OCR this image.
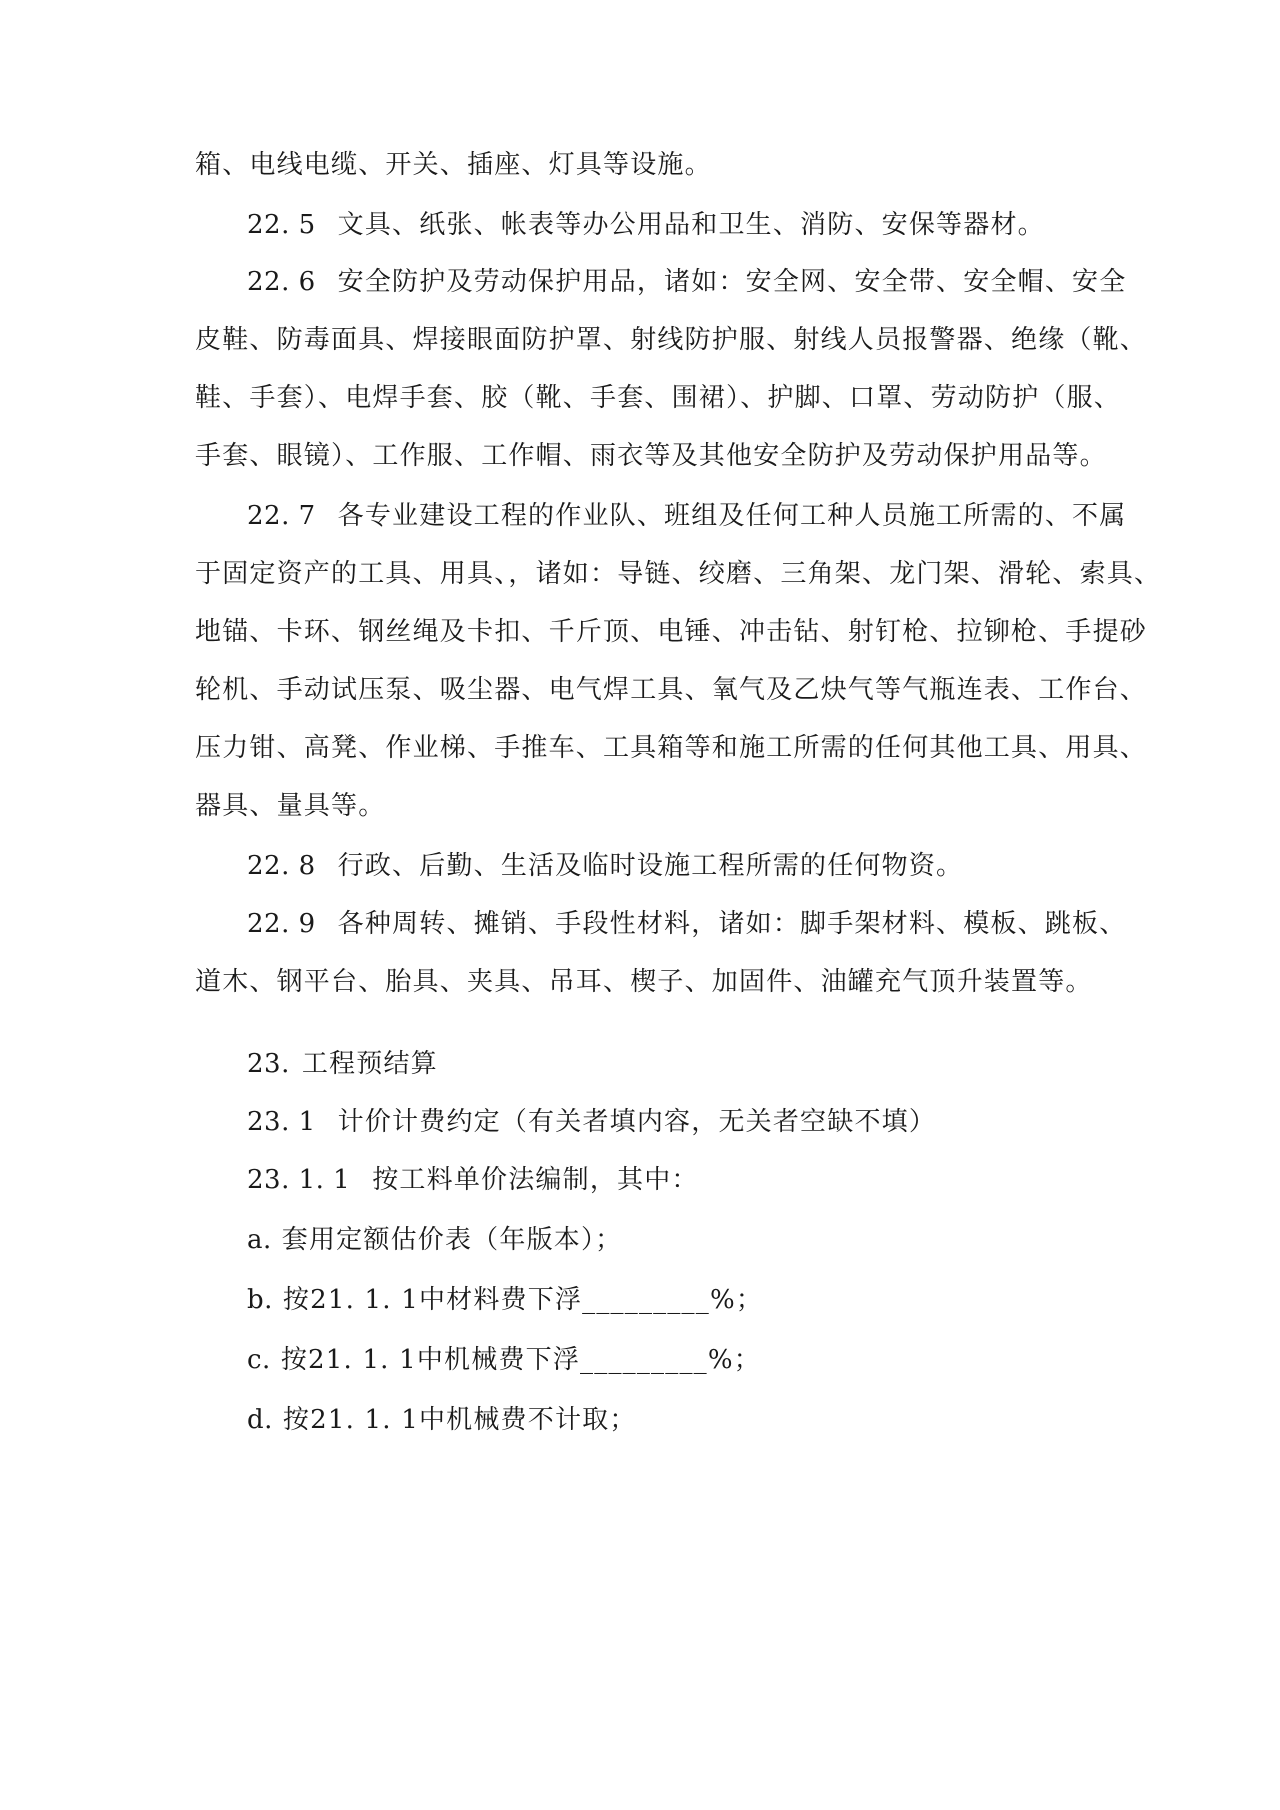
箱、电线电缆、开关、插座、灯具等设施。
22. 5 文具、纸张、帐表等办公用品和卫生、消防、安保等器材。
22. 6 安全防护及劳动保护用品，诸如：安全网、安全带、安全帽、安全
皮鞋、防毒面具、焊接眼面防护罩、射线防护服、射线人员报警器、绝缘（靴、
鞋、手套）、电焊手套、胶（靴、手套、围裙）、护脚、口罩、劳动防护（服、
手套、眼镜）、工作服、工作帽、雨衣等及其他安全防护及劳动保护用品等。
22. 7 各专业建设工程的作业队、班组及任何工种人员施工所需的、不属
于固定资产的工具、用具、，诸如：导链、绞磨、三角架、龙门架、滑轮、索具、
地锚、卡环、钢丝绳及卡扣、千斤顶、电锤、冲击钻、射钉枪、拉铆枪、手提砂
轮机、手动试压泵、吸尘器、电气焊工具、氧气及乙炔气等气瓶连表、工作台、
压力钳、高凳、作业梯、手推车、工具箱等和施工所需的任何其他工具、用具、
器具、量具等。
22. 8 行政、后勤、生活及临时设施工程所需的任何物资。
22. 9 各种周转、摊销、手段性材料，诸如：脚手架材料、模板、跳板、
道木、钢平台、胎具、夹具、吊耳、楔子、加固件、油罐充气顶升装置等。
23. 工程预结算
23. 1 计价计费约定（有关者填内容，无关者空缺不填）
23. 1. 1 按工料单价法编制，其中：
a. 套用定额估价表（年版本）；
b. 按21. 1. 1中材料费下浮_________%；
c. 按21. 1. 1中机械费下浮_________%；
d. 按21. 1. 1中机械费不计取；
